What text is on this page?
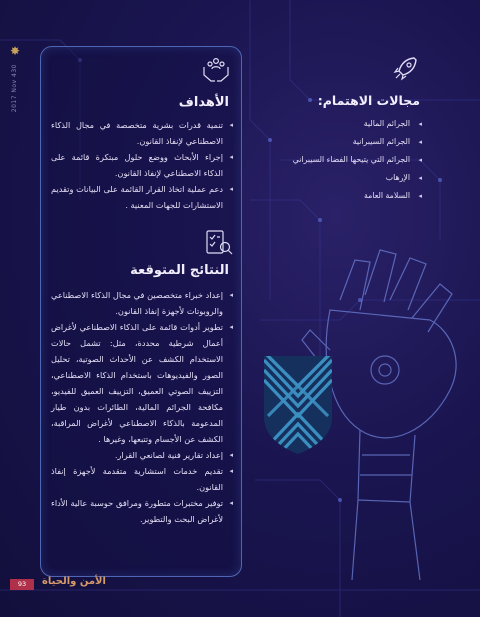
✸
2017 Nov 430	مجالات الاهتمام:
◂
الجرائم المالية
◂
الجرائم السيبرانية
◂
الجرائم التي يتيحها الفضاء السيبراني
◂
الإرهاب
◂
السلامة العامة
الأهداف
◂
تنمية قدرات بشرية متخصصة في مجال الذكاء الاصطناعي لإنفاذ القانون.
◂
إجراء الأبحاث ووضع حلول مبتكرة قائمة على الذكاء الاصطناعي لإنفاذ القانون.
◂
دعم عملية اتخاذ القرار القائمة على البيانات وتقديم الاستشارات للجهات المعنية .
النتائج المتوقعة
◂
إعداد خبراء متخصصين في مجال الذكاء الاصطناعي والروبوتات لأجهزة إنفاذ القانون.
◂
تطوير أدوات قائمة على الذكاء الاصطناعي لأغراض أعمال شرطية محددة، مثل: تشمل حالات الاستخدام الكشف عن الأحداث الصوتية، تحليل الصور والفيديوهات باستخدام الذكاء الاصطناعي، التزييف الصوتي العميق، التزييف العميق للفيديو، مكافحة الجرائم المالية، الطائرات بدون طيار المدعومة بالذكاء الاصطناعي لأغراض المراقبة، الكشف عن الأجسام وتتبعها، وغيرها .
◂
إعداد تقارير فنية لصانعي القرار.
◂
تقديم خدمات استشارية متقدمة لأجهزة إنفاذ القانون.
◂
توفير مختبرات متطورة ومرافق حوسبة عالية الأداء لأغراض البحث والتطوير.
93	الأمن والحياة
